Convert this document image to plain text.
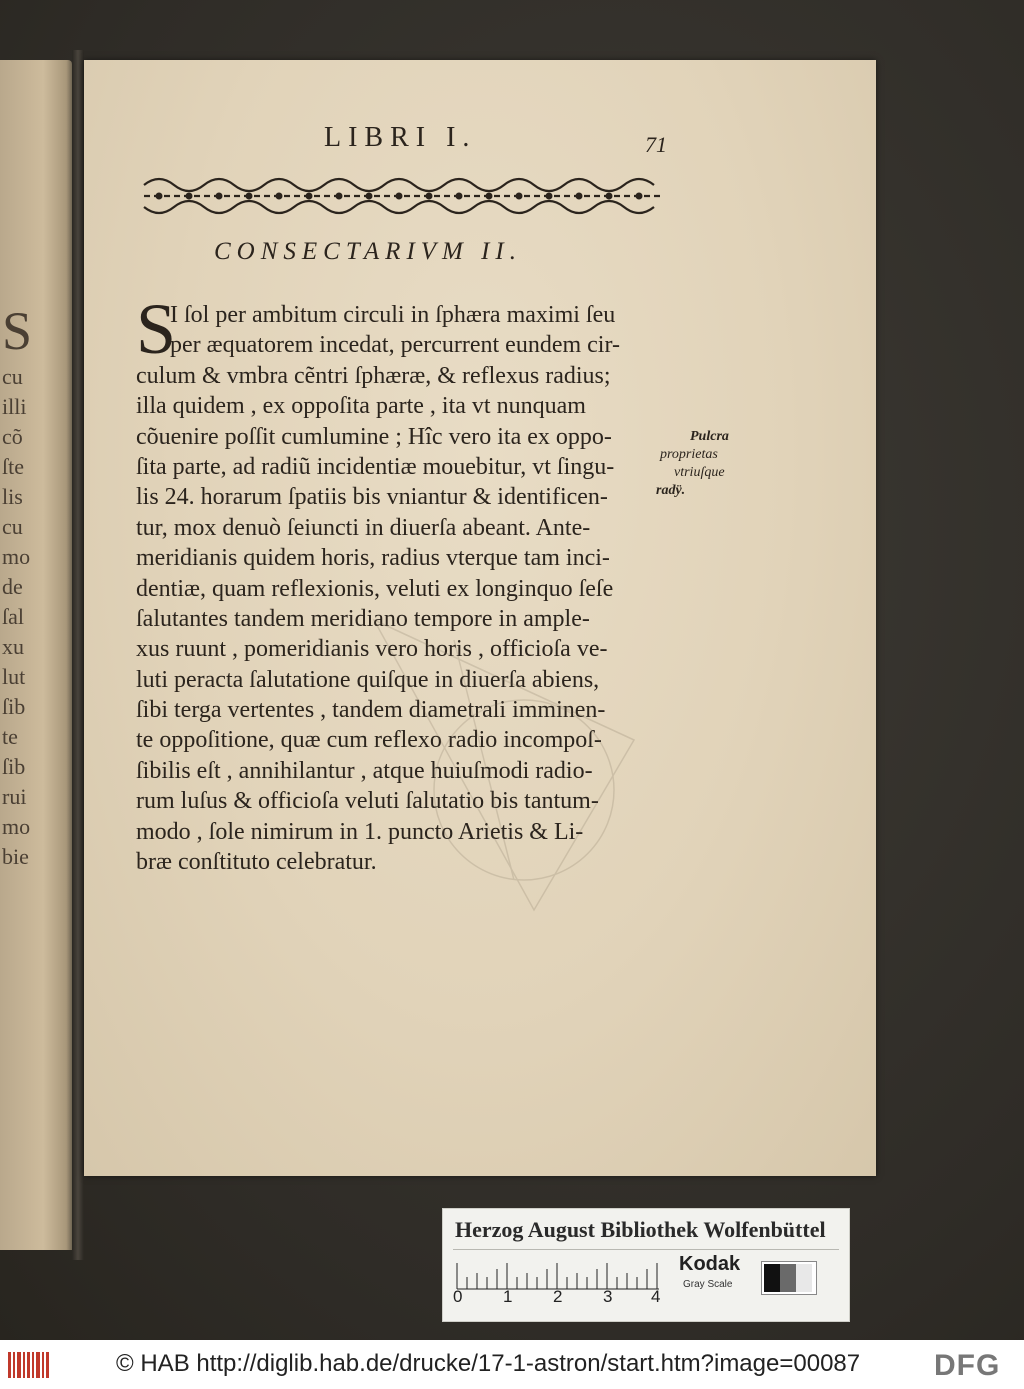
S
cu
illi
cõ
ſte
lis
cu
mo
de
ſal
xu
lut
ſib
te
ſib
rui
mo
bie
LIBRI I.	71
CONSECTARIVM II.
S
I ſol per ambitum circuli in ſphæra maximi ſeu
per æquatorem incedat, percurrent eundem cir-
culum & vmbra cẽntri ſphæræ, & reflexus radius;
illa quidem , ex oppoſita parte , ita vt nunquam
cõuenire poſſit cumlumine ; Hîc vero ita ex oppo-
ſita parte, ad radiũ incidentiæ mouebitur, vt ſingu-
lis 24. horarum ſpatiis bis vniantur & identificen-
tur, mox denuò ſeiuncti in diuerſa abeant. Ante-
meridianis quidem horis, radius vterque tam inci-
dentiæ, quam reflexionis, veluti ex longinquo ſeſe
ſalutantes tandem meridiano tempore in ample-
xus ruunt , pomeridianis vero horis , officioſa ve-
luti peracta ſalutatione quiſque in diuerſa abiens,
ſibi terga vertentes , tandem diametrali imminen-
te oppoſitione, quæ cum reflexo radio incompoſ-
ſibilis eſt , annihilantur , atque huiuſmodi radio-
rum luſus & officioſa veluti ſalutatio bis tantum-
modo , ſole nimirum in 1. puncto Arietis & Li-
bræ conſtituto celebratur.
Pulcra
proprietas
vtriuſque
radÿ.
Herzog August Bibliothek Wolfenbüttel
0 1 2 3 4
Kodak
Gray Scale
© HAB http://diglib.hab.de/drucke/17-1-astron/start.htm?image=00087 DFG
